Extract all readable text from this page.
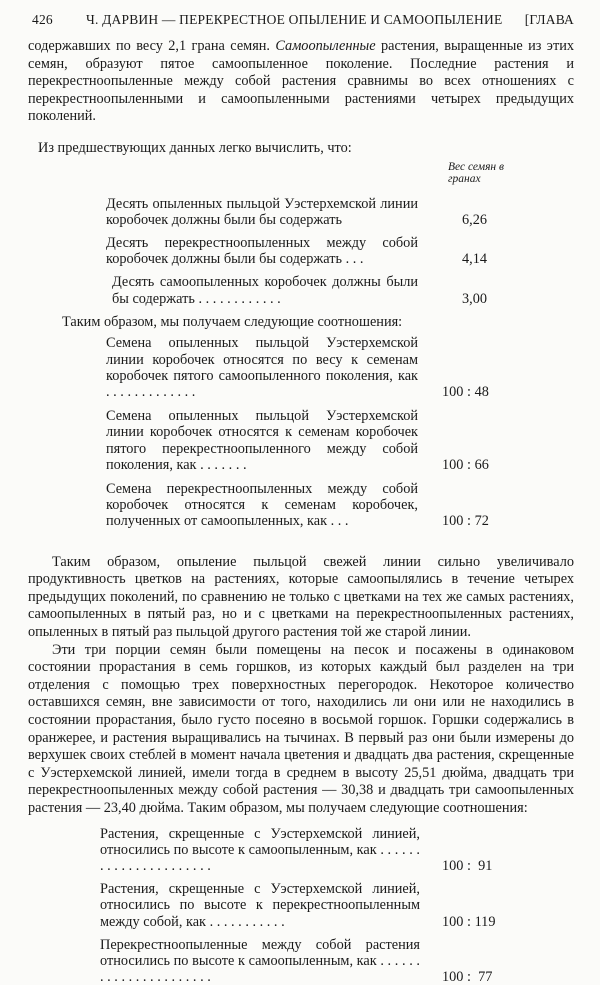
426 Ч. ДАРВИН — ПЕРЕКРЕСТНОЕ ОПЫЛЕНИЕ И САМООПЫЛЕНИЕ [ГЛАВА

содержавших по весу 2,1 грана семян. Самоопыленные растения, выращенные из этих семян, образуют пятое самоопыленное поколение. Последние растения и перекрестноопыленные между собой растения сравнимы во всех отношениях с перекрестноопыленными и самоопыленными растениями четырех предыдущих поколений.

Из предшествующих данных легко вычислить, что:

Вес семян в гранах
Десять опыленных пыльцой Уэстерхемской линии коробочек должны были бы содержать	6,26
Десять перекрестноопыленных между собой коробочек должны были бы содержать . . .	4,14
Десять самоопыленных коробочек должны были бы содержать . . . . . . . . . . . .	3,00

Таким образом, мы получаем следующие соотношения:

Семена опыленных пыльцой Уэстерхемской линии коробочек относятся по весу к семенам коробочек пятого самоопыленного поколения, как . . . . . . . . . . . . .	100 : 48
Семена опыленных пыльцой Уэстерхемской линии коробочек относятся к семенам коробочек пятого перекрестноопыленного между собой поколения, как . . . . . . .	100 : 66
Семена перекрестноопыленных между собой коробочек относятся к семенам коробочек, полученных от самоопыленных, как . . .	100 : 72

Таким образом, опыление пыльцой свежей линии сильно увеличивало продуктивность цветков на растениях, которые самоопылялись в течение четырех предыдущих поколений, по сравнению не только с цветками на тех же самых растениях, самоопыленных в пятый раз, но и с цветками на перекрестноопыленных растениях, опыленных в пятый раз пыльцой другого растения той же старой линии.

Эти три порции семян были помещены на песок и посажены в одинаковом состоянии прорастания в семь горшков, из которых каждый был разделен на три отделения с помощью трех поверхностных перегородок. Некоторое количество оставшихся семян, вне зависимости от того, находились ли они или не находились в состоянии прорастания, было густо посеяно в восьмой горшок. Горшки содержались в оранжерее, и растения выращивались на тычинах. В первый раз они были измерены до верхушек своих стеблей в момент начала цветения и двадцать два растения, скрещенные с Уэстерхемской линией, имели тогда в среднем в высоту 25,51 дюйма, двадцать три перекрестноопыленных между собой растения — 30,38 и двадцать три самоопыленных растения — 23,40 дюйма. Таким образом, мы получаем следующие соотношения:

Растения, скрещенные с Уэстерхемской линией, относились по высоте к самоопыленным, как . . . . . . . . . . . . . . . . . . . . . .	100 :  91
Растения, скрещенные с Уэстерхемской линией, относились по высоте к перекрестноопыленным между собой, как . . . . . . . . . . .	100 : 119
Перекрестноопыленные между собой растения относились по высоте к самоопыленным, как . . . . . . . . . . . . . . . . . . . . . .	100 :  77
